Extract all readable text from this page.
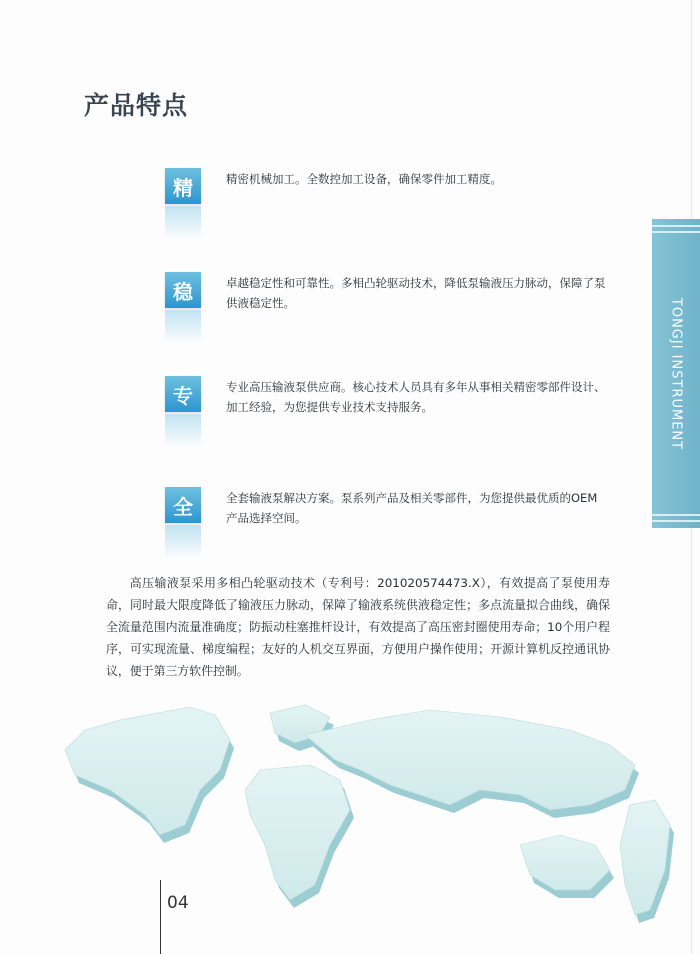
产品特点
TONGJI INSTRUMENT
精	精密机械加工。全数控加工设备，确保零件加工精度。
稳	卓越稳定性和可靠性。多相凸轮驱动技术，降低泵输液压力脉动，保障了泵供液稳定性。
专	专业高压输液泵供应商。核心技术人员具有多年从事相关精密零部件设计、加工经验，为您提供专业技术支持服务。
全	全套输液泵解决方案。泵系列产品及相关零部件，为您提供最优质的OEM产品选择空间。
高压输液泵采用多相凸轮驱动技术（专利号：201020574473.X），有效提高了泵使用寿命，同时最大限度降低了输液压力脉动，保障了输液系统供液稳定性；多点流量拟合曲线，确保全流量范围内流量准确度；防振动柱塞推杆设计，有效提高了高压密封圈使用寿命；10个用户程序，可实现流量、梯度编程；友好的人机交互界面，方便用户操作使用；开源计算机反控通讯协议，便于第三方软件控制。
04
